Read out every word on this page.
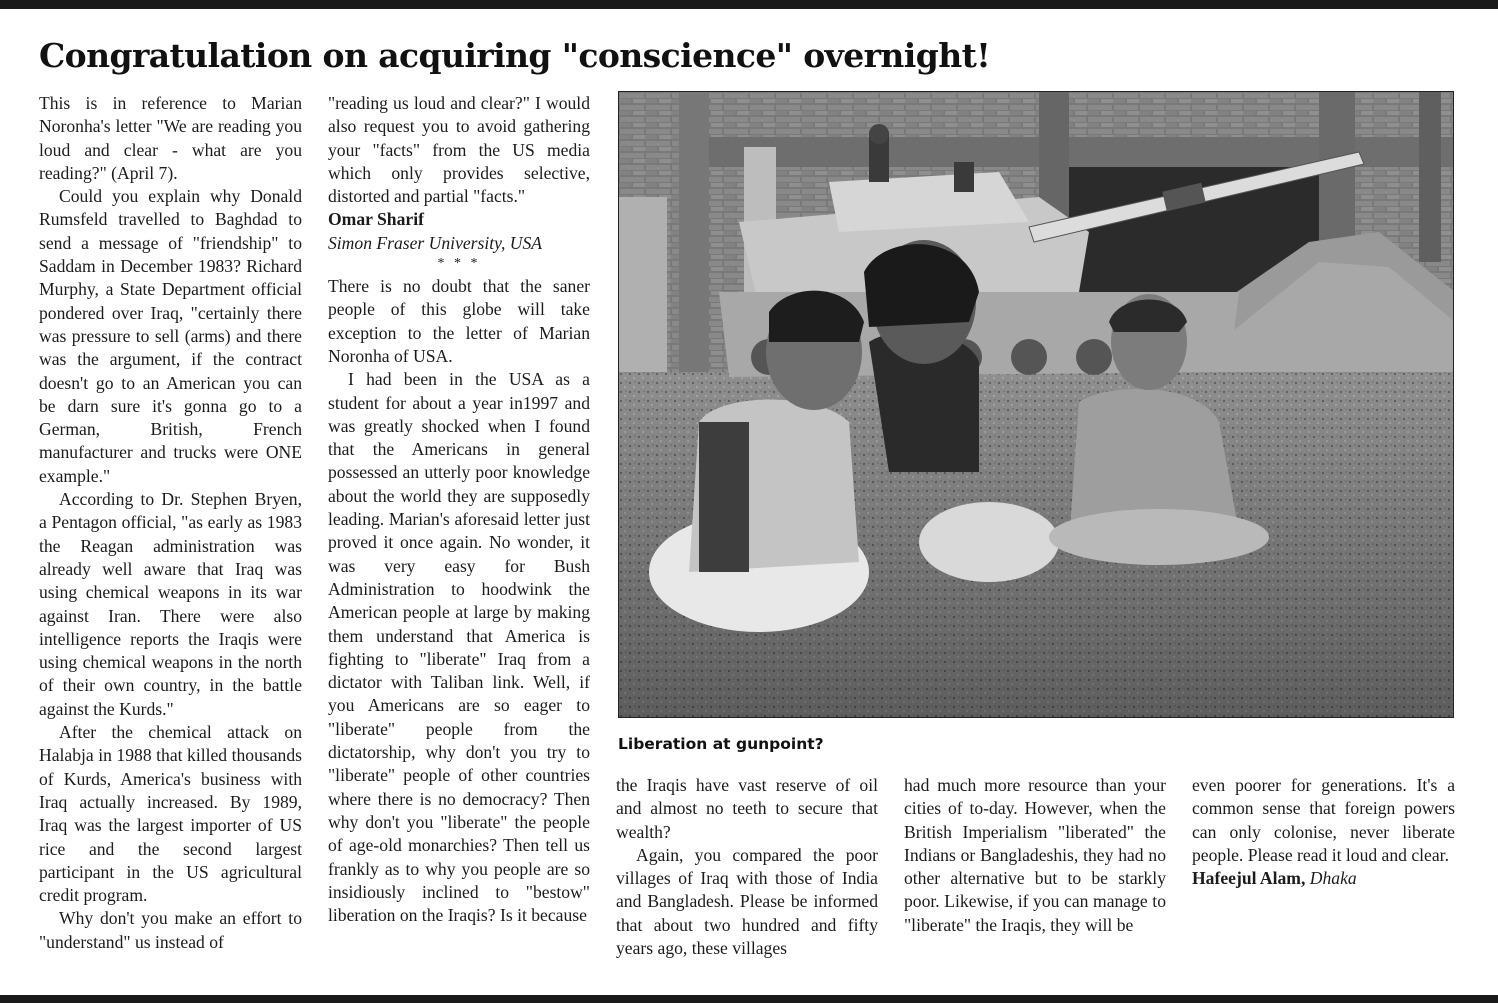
Congratulation on acquiring "conscience" overnight!

This is in reference to Marian Noronha's letter "We are reading you loud and clear - what are you reading?" (April 7).

Could you explain why Donald Rumsfeld travelled to Baghdad to send a message of "friendship" to Saddam in December 1983? Richard Murphy, a State Department official pondered over Iraq, "certainly there was pressure to sell (arms) and there was the argument, if the contract doesn't go to an American you can be darn sure it's gonna go to a German, British, French manufacturer and trucks were ONE example."

According to Dr. Stephen Bryen, a Pentagon official, "as early as 1983 the Reagan administration was already well aware that Iraq was using chemical weapons in its war against Iran. There were also intelligence reports the Iraqis were using chemical weapons in the north of their own country, in the battle against the Kurds."

After the chemical attack on Halabja in 1988 that killed thousands of Kurds, America's business with Iraq actually increased. By 1989, Iraq was the largest importer of US rice and the second largest participant in the US agricultural credit program.

Why don't you make an effort to "understand" us instead of

"reading us loud and clear?" I would also request you to avoid gathering your "facts" from the US media which only provides selective, distorted and partial "facts."

Omar Sharif
Simon Fraser University, USA
* * *

There is no doubt that the saner people of this globe will take exception to the letter of Marian Noronha of USA.

I had been in the USA as a student for about a year in1997 and was greatly shocked when I found that the Americans in general possessed an utterly poor knowledge about the world they are supposedly leading. Marian's aforesaid letter just proved it once again. No wonder, it was very easy for Bush Administration to hoodwink the American people at large by making them understand that America is fighting to "liberate" Iraq from a dictator with Taliban link. Well, if you Americans are so eager to "liberate" people from the dictatorship, why don't you try to "liberate" people of other countries where there is no democracy? Then why don't you "liberate" the people of age-old monarchies? Then tell us frankly as to why you people are so insidiously inclined to "bestow" liberation on the Iraqis? Is it because

Liberation at gunpoint?

the Iraqis have vast reserve of oil and almost no teeth to secure that wealth?

Again, you compared the poor villages of Iraq with those of India and Bangladesh. Please be informed that about two hundred and fifty years ago, these villages

had much more resource than your cities of to-day. However, when the British Imperialism "liberated" the Indians or Bangladeshis, they had no other alternative but to be starkly poor. Likewise, if you can manage to "liberate" the Iraqis, they will be

even poorer for generations. It's a common sense that foreign powers can only colonise, never liberate people. Please read it loud and clear.

Hafeejul Alam, Dhaka
